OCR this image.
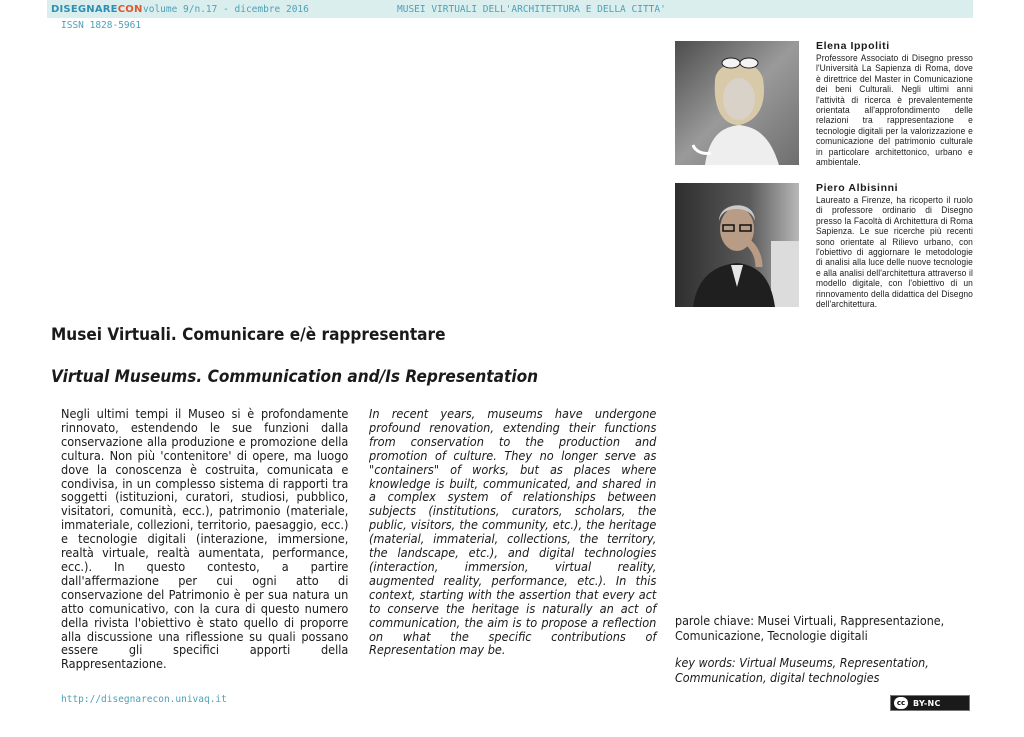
DISEGNARECON volume 9/n.17 - dicembre 2016	MUSEI VIRTUALI DELL'ARCHITETTURA E DELLA CITTA'
ISSN 1828-5961
Elena Ippoliti
Professore Associato di Disegno presso l'Università La Sapienza di Roma, dove è direttrice del Master in Comunicazione dei beni Culturali. Negli ultimi anni l'attività di ricerca è prevalentemente orientata all'approfondimento delle relazioni tra rappresentazione e tecnologie digitali per la valorizzazione e comunicazione del patrimonio culturale in particolare architettonico, urbano e ambientale.
Piero Albisinni
Laureato a Firenze, ha ricoperto il ruolo di professore ordinario di Disegno presso la Facoltà di Architettura di Roma Sapienza. Le sue ricerche più recenti sono orientate al Rilievo urbano, con l'obiettivo di aggiornare le metodologie di analisi alla luce delle nuove tecnologie e alla analisi dell'architettura attraverso il modello digitale, con l'obiettivo di un rinnovamento della didattica del Disegno dell'architettura.
Musei Virtuali. Comunicare e/è rappresentare
Virtual Museums. Communication and/Is Representation
Negli ultimi tempi il Museo si è profondamente rinnovato, estendendo le sue funzioni dalla conservazione alla produzione e promozione della cultura. Non più 'contenitore' di opere, ma luogo dove la conoscenza è costruita, comunicata e condivisa, in un complesso sistema di rapporti tra soggetti (istituzioni, curatori, studiosi, pubblico, visitatori, comunità, ecc.), patrimonio (materiale, immateriale, collezioni, territorio, paesaggio, ecc.) e tecnologie digitali (interazione, immersione, realtà virtuale, realtà aumentata, performance, ecc.). In questo contesto, a partire dall'affermazione per cui ogni atto di conservazione del Patrimonio è per sua natura un atto comunicativo, con la cura di questo numero della rivista l'obiettivo è stato quello di proporre alla discussione una riflessione su quali possano essere gli specifici apporti della Rappresentazione.
In recent years, museums have undergone profound renovation, extending their functions from conservation to the production and promotion of culture. They no longer serve as "containers" of works, but as places where knowledge is built, communicated, and shared in a complex system of relationships between subjects (institutions, curators, scholars, the public, visitors, the community, etc.), the heritage (material, immaterial, collections, the territory, the landscape, etc.), and digital technologies (interaction, immersion, virtual reality, augmented reality, performance, etc.). In this context, starting with the assertion that every act to conserve the heritage is naturally an act of communication, the aim is to propose a reflection on what the specific contributions of Representation may be.
parole chiave: Musei Virtuali, Rappresentazione, Comunicazione, Tecnologie digitali
key words: Virtual Museums, Representation, Communication, digital technologies
http://disegnarecon.univaq.it	cc BY-NC
